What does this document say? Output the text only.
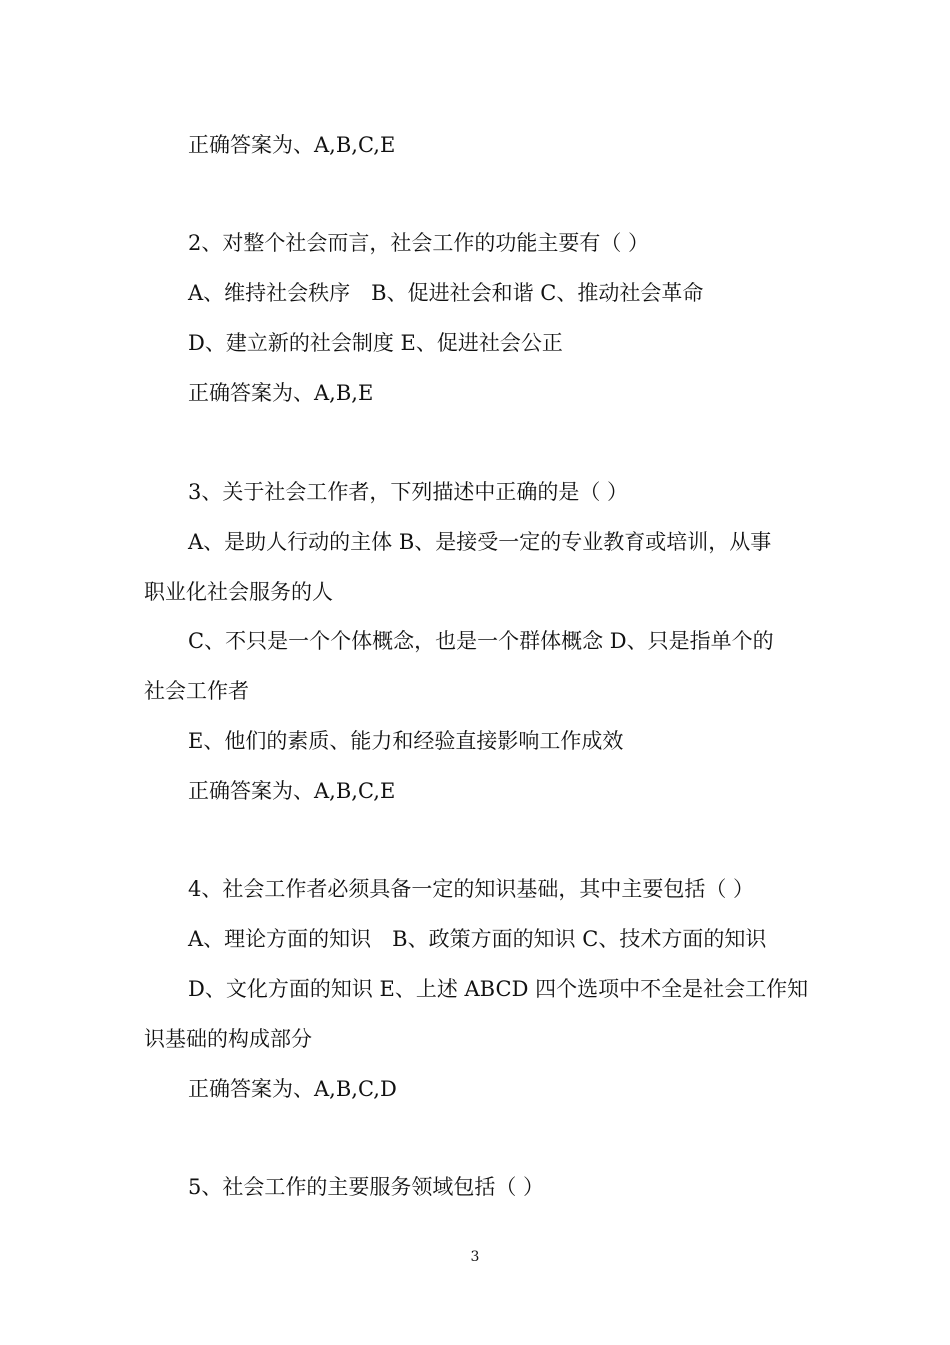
正确答案为、A,B,C,E

2、对整个社会而言，社会工作的功能主要有（ ）

A、维持社会秩序　B、促进社会和谐 C、推动社会革命

D、建立新的社会制度 E、促进社会公正

正确答案为、A,B,E

3、关于社会工作者，下列描述中正确的是（ ）

A、是助人行动的主体 B、是接受一定的专业教育或培训，从事

职业化社会服务的人

C、不只是一个个体概念，也是一个群体概念 D、只是指单个的

社会工作者

E、他们的素质、能力和经验直接影响工作成效

正确答案为、A,B,C,E

4、社会工作者必须具备一定的知识基础，其中主要包括（ ）

A、理论方面的知识　B、政策方面的知识 C、技术方面的知识

D、文化方面的知识 E、上述 ABCD 四个选项中不全是社会工作知

识基础的构成部分

正确答案为、A,B,C,D

5、社会工作的主要服务领域包括（ ）

3
